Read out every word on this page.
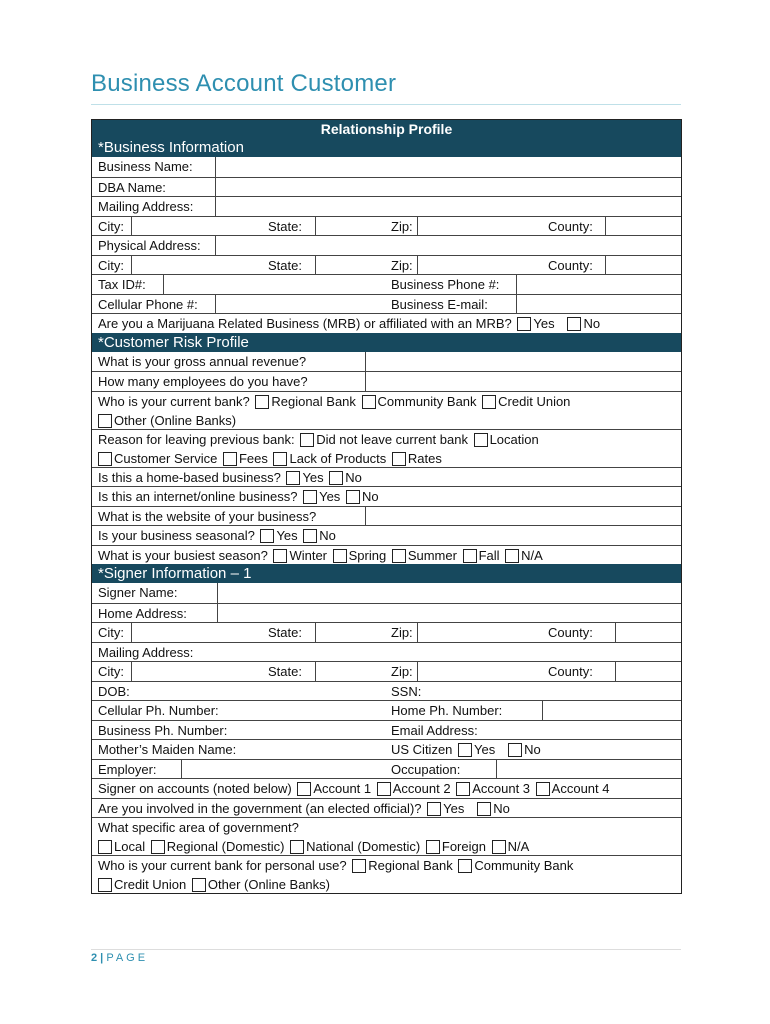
Business Account Customer
Relationship Profile
*Business Information
Business Name:
DBA Name:
Mailing Address:
City:	State:	Zip:	County:
Physical Address:
City:	State:	Zip:	County:
Tax ID#:	Business Phone #:
Cellular Phone #:	Business E-mail:
Are you a Marijuana Related Business (MRB) or affiliated with an MRB? Yes No
*Customer Risk Profile
What is your gross annual revenue?
How many employees do you have?
Who is your current bank? Regional Bank Community Bank Credit Union
Other (Online Banks)
Reason for leaving previous bank: Did not leave current bank Location
Customer Service Fees Lack of Products Rates
Is this a home-based business? Yes No
Is this an internet/online business? Yes No
What is the website of your business?
Is your business seasonal? Yes No
What is your busiest season? Winter Spring Summer Fall N/A
*Signer Information – 1
Signer Name:
Home Address:
City:	State:	Zip:	County:
Mailing Address:
City:	State:	Zip:	County:
DOB:	SSN:
Cellular Ph. Number:	Home Ph. Number:
Business Ph. Number:	Email Address:
Mother’s Maiden Name:	US Citizen Yes No
Employer:	Occupation:
Signer on accounts (noted below) Account 1 Account 2 Account 3 Account 4
Are you involved in the government (an elected official)? Yes No
What specific area of government?
Local Regional (Domestic) National (Domestic) Foreign N/A
Who is your current bank for personal use? Regional Bank Community Bank
Credit Union Other (Online Banks)
2 | PAGE
